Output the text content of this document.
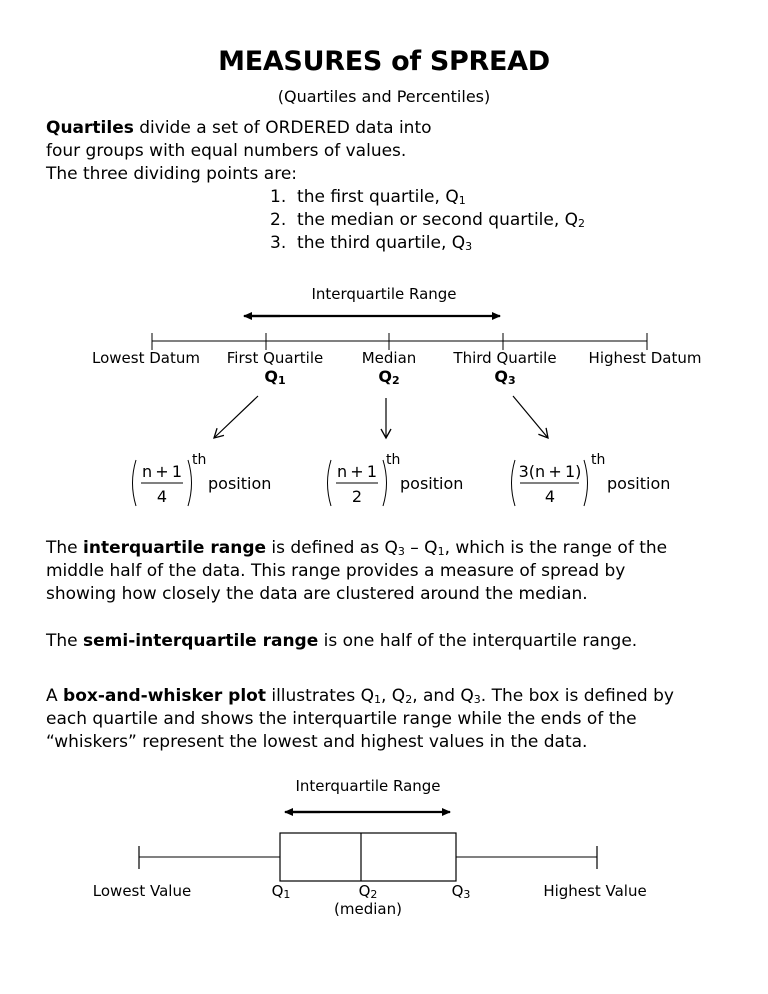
MEASURES of SPREAD
(Quartiles and Percentiles)
Quartiles divide a set of ORDERED data into
four groups with equal numbers of values.
The three dividing points are:
1. the first quartile, $Q_1$
2. the median or second quartile, $Q_2$
3. the third quartile, $Q_3$
Interquartile Range
Lowest Datum First Quartile
$Q_1$
Median
$Q_2$
Third Quartile
$Q_3$
Highest Datum
n + 1
4
th
position
n + 1
2
th
position
3(n + 1)
4
th
position
The interquartile range is defined as $Q_3 - Q_1$, which is the range of the
middle half of the data. This range provides a measure of spread by
showing how closely the data are clustered around the median.
The semi-interquartile range is one half of the interquartile range.
A box-and-whisker plot illustrates $Q_1$, $Q_2$, and $Q_3$. The box is defined by
each quartile and shows the interquartile range while the ends of the
“whiskers” represent the lowest and highest values in the data.
Interquartile Range
Lowest Value	$Q_1$	$Q_2$
(median)
$Q_3$	Highest Value
